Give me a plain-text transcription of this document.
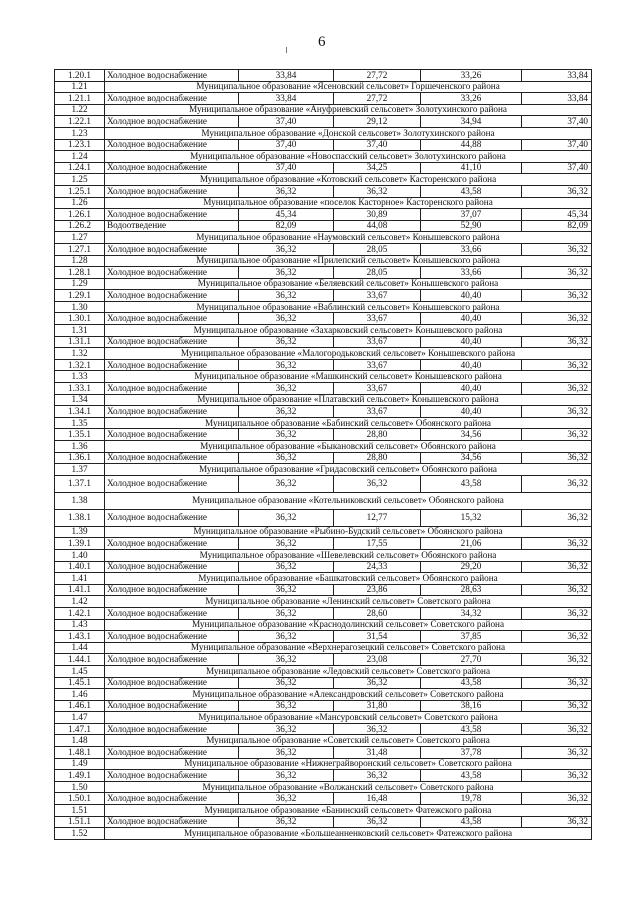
6
1.20.1	Холодное водоснабжение	33,84	27,72	33,26	33,84
1.21	Муниципальное образование «Ясеновский сельсовет» Горшеченского района				
1.21.1	Холодное водоснабжение	33,84	27,72	33,26	33,84
1.22	Муниципальное образование «Ануфриевский сельсовет» Золотухинского района				
1.22.1	Холодное водоснабжение	37,40	29,12	34,94	37,40
1.23	Муниципальное образование «Донской сельсовет» Золотухинского района				
1.23.1	Холодное водоснабжение	37,40	37,40	44,88	37,40
1.24	Муниципальное образование «Новоспасский сельсовет» Золотухинского района				
1.24.1	Холодное водоснабжение	37,40	34,25	41,10	37,40
1.25	Муниципальное образование «Котовский сельсовет» Касторенского района				
1.25.1	Холодное водоснабжение	36,32	36,32	43,58	36,32
1.26	Муниципальное образование «поселок Касторное» Касторенского района				
1.26.1	Холодное водоснабжение	45,34	30,89	37,07	45,34
1.26.2	Водоотведение	82,09	44,08	52,90	82,09
1.27	Муниципальное образование «Наумовский сельсовет» Конышевского района				
1.27.1	Холодное водоснабжение	36,32	28,05	33,66	36,32
1.28	Муниципальное образование «Прилепский сельсовет» Конышевского района				
1.28.1	Холодное водоснабжение	36,32	28,05	33,66	36,32
1.29	Муниципальное образование «Беляевский сельсовет» Конышевского района				
1.29.1	Холодное водоснабжение	36,32	33,67	40,40	36,32
1.30	Муниципальное образование «Ваблинский сельсовет» Конышевского района				
1.30.1	Холодное водоснабжение	36,32	33,67	40,40	36,32
1.31	Муниципальное образование «Захарковский сельсовет» Конышевского района				
1.31.1	Холодное водоснабжение	36,32	33,67	40,40	36,32
1.32	Муниципальное образование «Малогородьковский сельсовет» Конышевского района				
1.32.1	Холодное водоснабжение	36,32	33,67	40,40	36,32
1.33	Муниципальное образование «Машкинский сельсовет» Конышевского района				
1.33.1	Холодное водоснабжение	36,32	33,67	40,40	36,32
1.34	Муниципальное образование «Платавский сельсовет» Конышевского района				
1.34.1	Холодное водоснабжение	36,32	33,67	40,40	36,32
1.35	Муниципальное образование «Бабинский сельсовет» Обоянского района				
1.35.1	Холодное водоснабжение	36,32	28,80	34,56	36,32
1.36	Муниципальное образование «Быкановский сельсовет» Обоянского района				
1.36.1	Холодное водоснабжение	36,32	28,80	34,56	36,32
1.37	Муниципальное образование «Гридасовский сельсовет» Обоянского района				
1.37.1	Холодное водоснабжение	36,32	36,32	43,58	36,32
1.38	Муниципальное образование «Котельниковский сельсовет» Обоянского района				
1.38.1	Холодное водоснабжение	36,32	12,77	15,32	36,32
1.39	Муниципальное образование «Рыбино-Будский сельсовет» Обоянского района				
1.39.1	Холодное водоснабжение	36,32	17,55	21,06	36,32
1.40	Муниципальное образование «Шевелевский сельсовет» Обоянского района				
1.40.1	Холодное водоснабжение	36,32	24,33	29,20	36,32
1.41	Муниципальное образование «Башкатовский сельсовет» Обоянского района				
1.41.1	Холодное водоснабжение	36,32	23,86	28,63	36,32
1.42	Муниципальное образование «Ленинский сельсовет» Советского района				
1.42.1	Холодное водоснабжение	36,32	28,60	34,32	36,32
1.43	Муниципальное образование «Краснодолинский сельсовет» Советского района				
1.43.1	Холодное водоснабжение	36,32	31,54	37,85	36,32
1.44	Муниципальное образование «Верхнерагозецкий сельсовет» Советского района				
1.44.1	Холодное водоснабжение	36,32	23,08	27,70	36,32
1.45	Муниципальное образование «Ледовский сельсовет» Советского района				
1.45.1	Холодное водоснабжение	36,32	36,32	43,58	36,32
1.46	Муниципальное образование «Александровский сельсовет» Советского района				
1.46.1	Холодное водоснабжение	36,32	31,80	38,16	36,32
1.47	Муниципальное образование «Мансуровский сельсовет» Советского района				
1.47.1	Холодное водоснабжение	36,32	36,32	43,58	36,32
1.48	Муниципальное образование «Советский сельсовет» Советского района				
1.48.1	Холодное водоснабжение	36,32	31,48	37,78	36,32
1.49	Муниципальное образование «Нижнеграйворонский сельсовет» Советского района				
1.49.1	Холодное водоснабжение	36,32	36,32	43,58	36,32
1.50	Муниципальное образование «Волжанский сельсовет» Советского района				
1.50.1	Холодное водоснабжение	36,32	16,48	19,78	36,32
1.51	Муниципальное образование «Банинский сельсовет» Фатежского района				
1.51.1	Холодное водоснабжение	36,32	36,32	43,58	36,32
1.52	Муниципальное образование «Большеанненковский сельсовет» Фатежского района				
